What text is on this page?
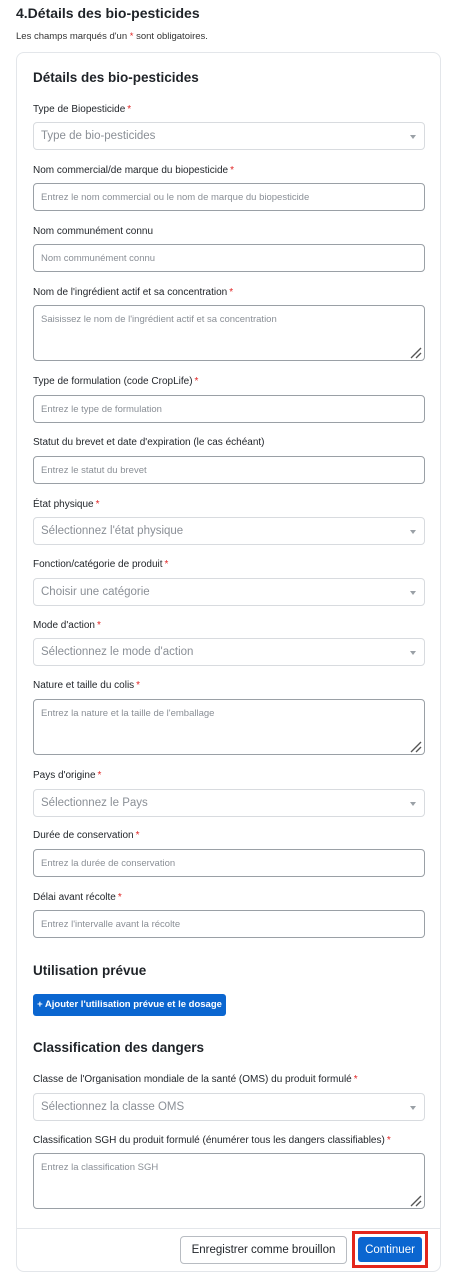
4.Détails des bio-pesticides
Les champs marqués d'un * sont obligatoires.
Détails des bio-pesticides
Type de Biopesticide *
Type de bio-pesticides
Nom commercial/de marque du biopesticide *
Entrez le nom commercial ou le nom de marque du biopesticide
Nom communément connu
Nom communément connu
Nom de l'ingrédient actif et sa concentration *
Saisissez le nom de l'ingrédient actif et sa concentration
Type de formulation (code CropLife) *
Entrez le type de formulation
Statut du brevet et date d'expiration (le cas échéant)
Entrez le statut du brevet
État physique *
Sélectionnez l'état physique
Fonction/catégorie de produit *
Choisir une catégorie
Mode d'action *
Sélectionnez le mode d'action
Nature et taille du colis *
Entrez la nature et la taille de l'emballage
Pays d'origine *
Sélectionnez le Pays
Durée de conservation *
Entrez la durée de conservation
Délai avant récolte *
Entrez l'intervalle avant la récolte
Utilisation prévue
+ Ajouter l'utilisation prévue et le dosage
Classification des dangers
Classe de l'Organisation mondiale de la santé (OMS) du produit formulé *
Sélectionnez la classe OMS
Classification SGH du produit formulé (énumérer tous les dangers classifiables) *
Entrez la classification SGH
Enregistrer comme brouillon	Continuer
